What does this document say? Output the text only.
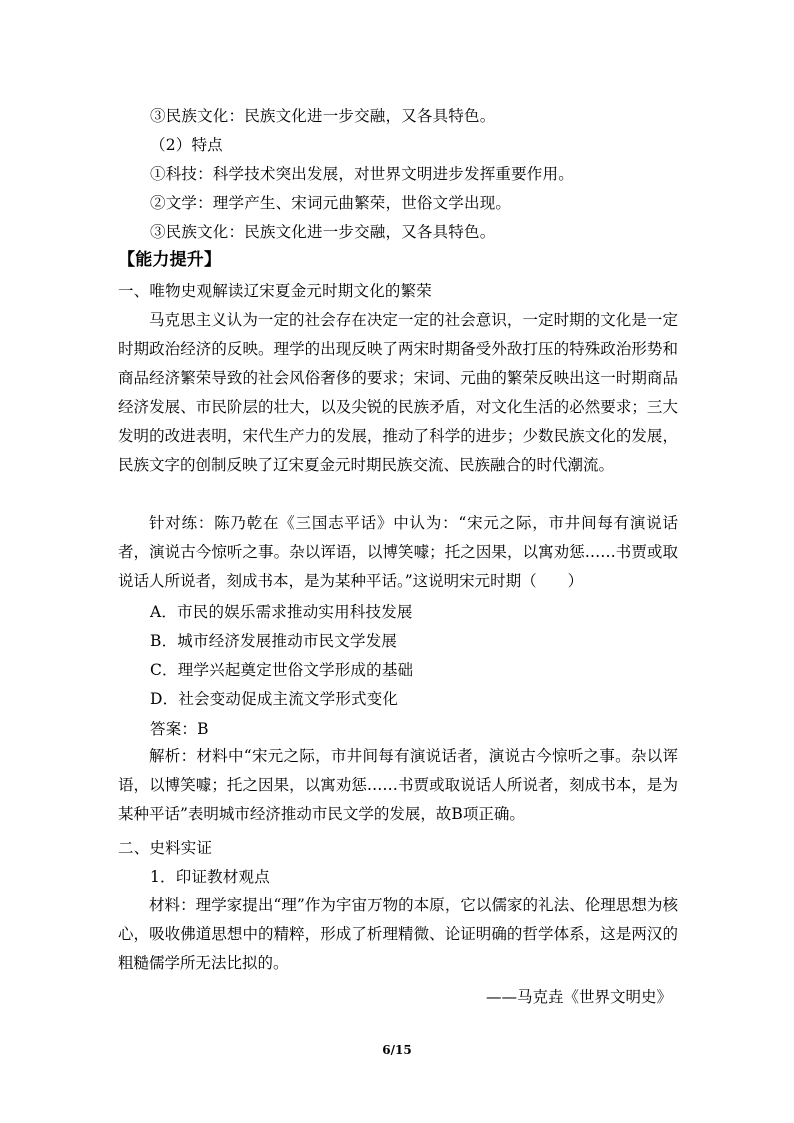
③民族文化：民族文化进一步交融，又各具特色。
（2）特点
①科技：科学技术突出发展，对世界文明进步发挥重要作用。
②文学：理学产生、宋词元曲繁荣，世俗文学出现。
③民族文化：民族文化进一步交融，又各具特色。
【能力提升】
一、唯物史观解读辽宋夏金元时期文化的繁荣
马克思主义认为一定的社会存在决定一定的社会意识，一定时期的文化是一定时期政治经济的反映。理学的出现反映了两宋时期备受外敌打压的特殊政治形势和商品经济繁荣导致的社会风俗奢侈的要求；宋词、元曲的繁荣反映出这一时期商品经济发展、市民阶层的壮大，以及尖锐的民族矛盾，对文化生活的必然要求；三大发明的改进表明，宋代生产力的发展，推动了科学的进步；少数民族文化的发展，民族文字的创制反映了辽宋夏金元时期民族交流、民族融合的时代潮流。
针对练：陈乃乾在《三国志平话》中认为：“宋元之际，市井间每有演说话者，演说古今惊听之事。杂以诨语，以博笑噱；托之因果，以寓劝惩……书贾或取说话人所说者，刻成书本，是为某种平话。”这说明宋元时期（　　）
A．市民的娱乐需求推动实用科技发展
B．城市经济发展推动市民文学发展
C．理学兴起奠定世俗文学形成的基础
D．社会变动促成主流文学形式变化
答案：B
解析：材料中“宋元之际，市井间每有演说话者，演说古今惊听之事。杂以诨语，以博笑噱；托之因果，以寓劝惩……书贾或取说话人所说者，刻成书本，是为某种平话”表明城市经济推动市民文学的发展，故B项正确。
二、史料实证
1．印证教材观点
材料：理学家提出“理”作为宇宙万物的本原，它以儒家的礼法、伦理思想为核心，吸收佛道思想中的精粹，形成了析理精微、论证明确的哲学体系，这是两汉的粗糙儒学所无法比拟的。
——马克垚《世界文明史》
6/15
